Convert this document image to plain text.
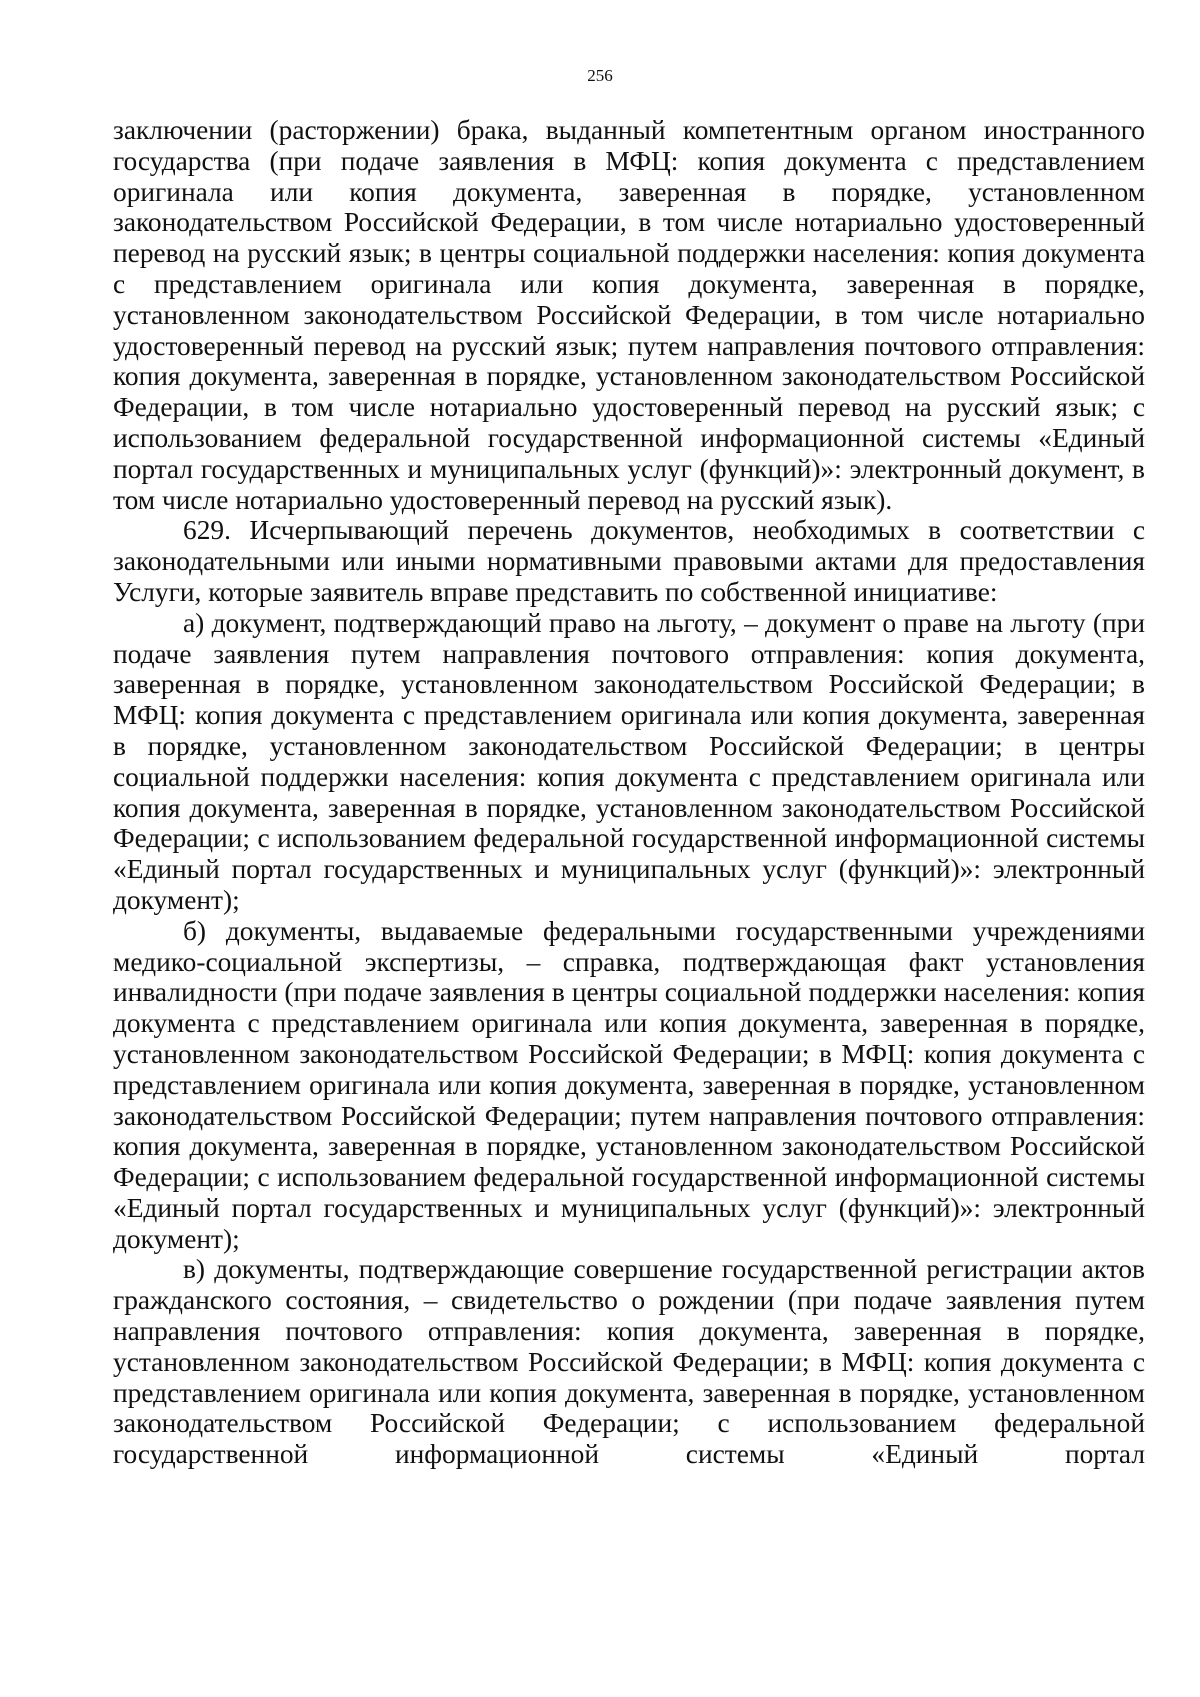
256

заключении (расторжении) брака, выданный компетентным органом иностранного государства (при подаче заявления в МФЦ: копия документа с представлением оригинала или копия документа, заверенная в порядке, установленном законодательством Российской Федерации, в том числе нотариально удостоверенный перевод на русский язык; в центры социальной поддержки населения: копия документа с представлением оригинала или копия документа, заверенная в порядке, установленном законодательством Российской Федерации, в том числе нотариально удостоверенный перевод на русский язык; путем направления почтового отправления: копия документа, заверенная в порядке, установленном законодательством Российской Федерации, в том числе нотариально удостоверенный перевод на русский язык; с использованием федеральной государственной информационной системы «Единый портал государственных и муниципальных услуг (функций)»: электронный документ, в том числе нотариально удостоверенный перевод на русский язык).

629. Исчерпывающий перечень документов, необходимых в соответствии с законодательными или иными нормативными правовыми актами для предоставления Услуги, которые заявитель вправе представить по собственной инициативе:

а) документ, подтверждающий право на льготу, – документ о праве на льготу (при подаче заявления путем направления почтового отправления: копия документа, заверенная в порядке, установленном законодательством Российской Федерации; в МФЦ: копия документа с представлением оригинала или копия документа, заверенная в порядке, установленном законодательством Российской Федерации; в центры социальной поддержки населения: копия документа с представлением оригинала или копия документа, заверенная в порядке, установленном законодательством Российской Федерации; с использованием федеральной государственной информационной системы «Единый портал государственных и муниципальных услуг (функций)»: электронный документ);

б) документы, выдаваемые федеральными государственными учреждениями медико-социальной экспертизы, – справка, подтверждающая факт установления инвалидности (при подаче заявления в центры социальной поддержки населения: копия документа с представлением оригинала или копия документа, заверенная в порядке, установленном законодательством Российской Федерации; в МФЦ: копия документа с представлением оригинала или копия документа, заверенная в порядке, установленном законодательством Российской Федерации; путем направления почтового отправления: копия документа, заверенная в порядке, установленном законодательством Российской Федерации; с использованием федеральной государственной информационной системы «Единый портал государственных и муниципальных услуг (функций)»: электронный документ);

в) документы, подтверждающие совершение государственной регистрации актов гражданского состояния, – свидетельство о рождении (при подаче заявления путем направления почтового отправления: копия документа, заверенная в порядке, установленном законодательством Российской Федерации; в МФЦ: копия документа с представлением оригинала или копия документа, заверенная в порядке, установленном законодательством Российской Федерации; с использованием федеральной государственной информационной системы «Единый портал
